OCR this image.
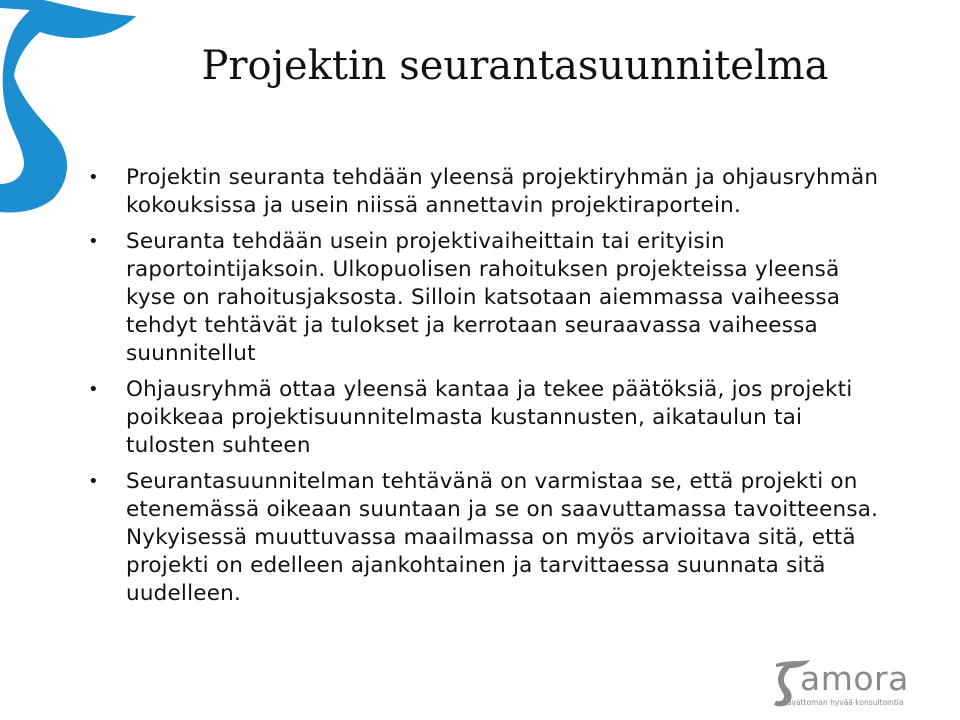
Projektin seurantasuunnitelma
•	Projektin seuranta tehdään yleensä projektiryhmän ja ohjausryhmän kokouksissa ja usein niissä annettavin projektiraportein.
•	Seuranta tehdään usein projektivaiheittain tai erityisin raportointijaksoin. Ulkopuolisen rahoituksen projekteissa yleensä kyse on rahoitusjaksosta. Silloin katsotaan aiemmassa vaiheessa tehdyt tehtävät ja tulokset ja kerrotaan seuraavassa vaiheessa suunnitellut
•	Ohjausryhmä ottaa yleensä kantaa ja tekee päätöksiä, jos projekti poikkeaa projektisuunnitelmasta kustannusten, aikataulun tai tulosten suhteen
•	Seurantasuunnitelman tehtävänä on varmistaa se, että projekti on etenemässä oikeaan suuntaan ja se on saavuttamassa tavoitteensa. Nykyisessä muuttuvassa maailmassa on myös arvioitava sitä, että projekti on edelleen ajankohtainen ja tarvittaessa suunnata sitä uudelleen.
amora
tavattoman hyvää konsultointia
